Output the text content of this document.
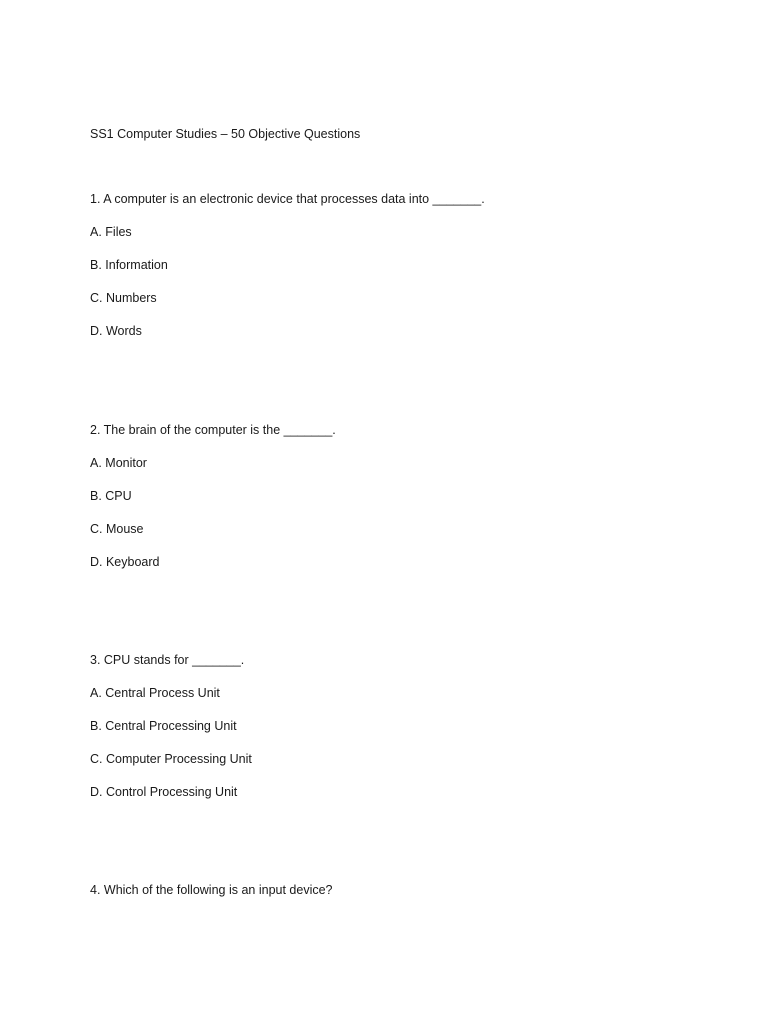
SS1 Computer Studies – 50 Objective Questions
1. A computer is an electronic device that processes data into _______.
A. Files
B. Information
C. Numbers
D. Words
2. The brain of the computer is the _______.
A. Monitor
B. CPU
C. Mouse
D. Keyboard
3. CPU stands for _______.
A. Central Process Unit
B. Central Processing Unit
C. Computer Processing Unit
D. Control Processing Unit
4. Which of the following is an input device?
